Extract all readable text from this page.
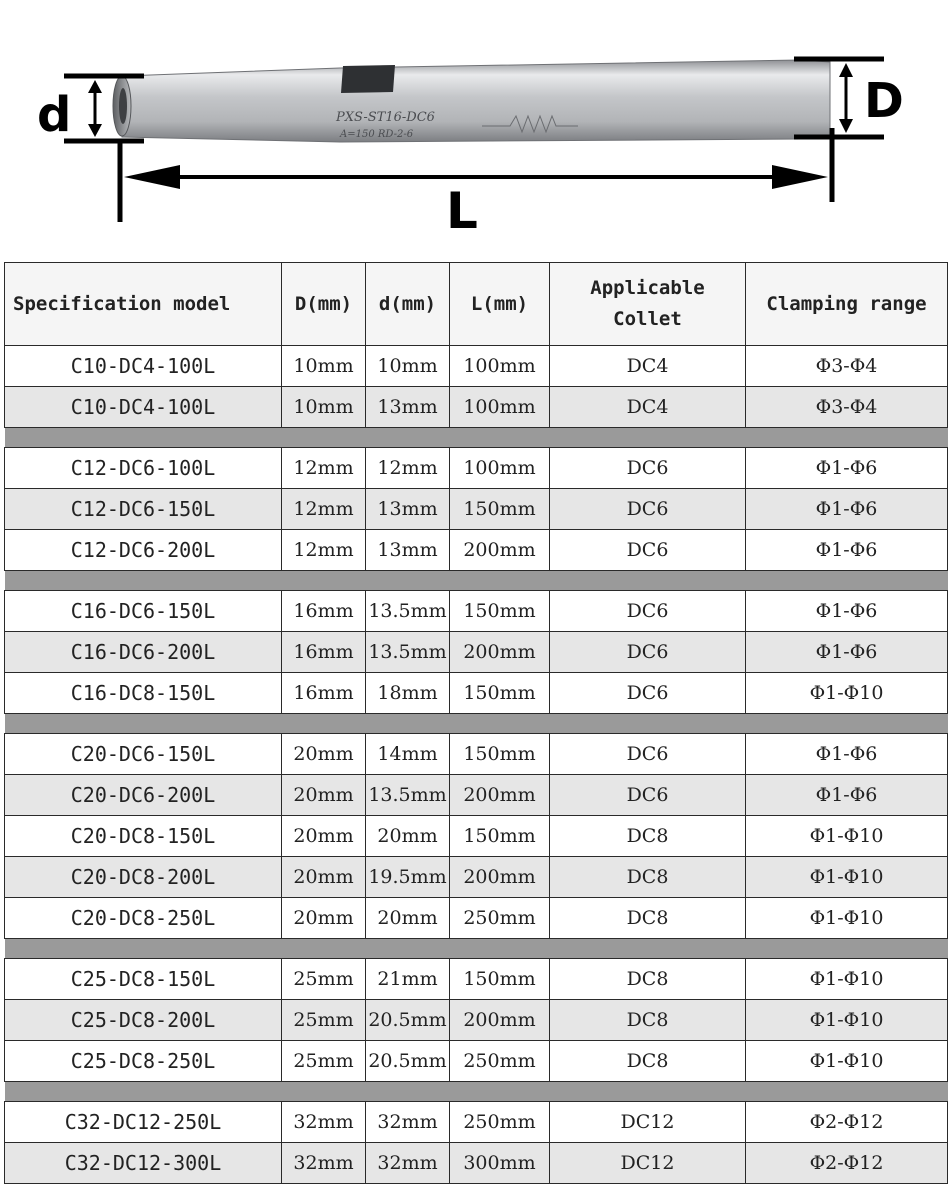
PXS-ST16-DC6
A=150 RD-2-6
d	D
L
Specification model	D(mm)	d(mm)	L(mm)	Applicable Collet	Clamping range
C10-DC4-100L	10mm	10mm	100mm	DC4	Φ3-Φ4
C10-DC4-100L	10mm	13mm	100mm	DC4	Φ3-Φ4

C12-DC6-100L	12mm	12mm	100mm	DC6	Φ1-Φ6
C12-DC6-150L	12mm	13mm	150mm	DC6	Φ1-Φ6
C12-DC6-200L	12mm	13mm	200mm	DC6	Φ1-Φ6

C16-DC6-150L	16mm	13.5mm	150mm	DC6	Φ1-Φ6
C16-DC6-200L	16mm	13.5mm	200mm	DC6	Φ1-Φ6
C16-DC8-150L	16mm	18mm	150mm	DC6	Φ1-Φ10

C20-DC6-150L	20mm	14mm	150mm	DC6	Φ1-Φ6
C20-DC6-200L	20mm	13.5mm	200mm	DC6	Φ1-Φ6
C20-DC8-150L	20mm	20mm	150mm	DC8	Φ1-Φ10
C20-DC8-200L	20mm	19.5mm	200mm	DC8	Φ1-Φ10
C20-DC8-250L	20mm	20mm	250mm	DC8	Φ1-Φ10

C25-DC8-150L	25mm	21mm	150mm	DC8	Φ1-Φ10
C25-DC8-200L	25mm	20.5mm	200mm	DC8	Φ1-Φ10
C25-DC8-250L	25mm	20.5mm	250mm	DC8	Φ1-Φ10

C32-DC12-250L	32mm	32mm	250mm	DC12	Φ2-Φ12
C32-DC12-300L	32mm	32mm	300mm	DC12	Φ2-Φ12
